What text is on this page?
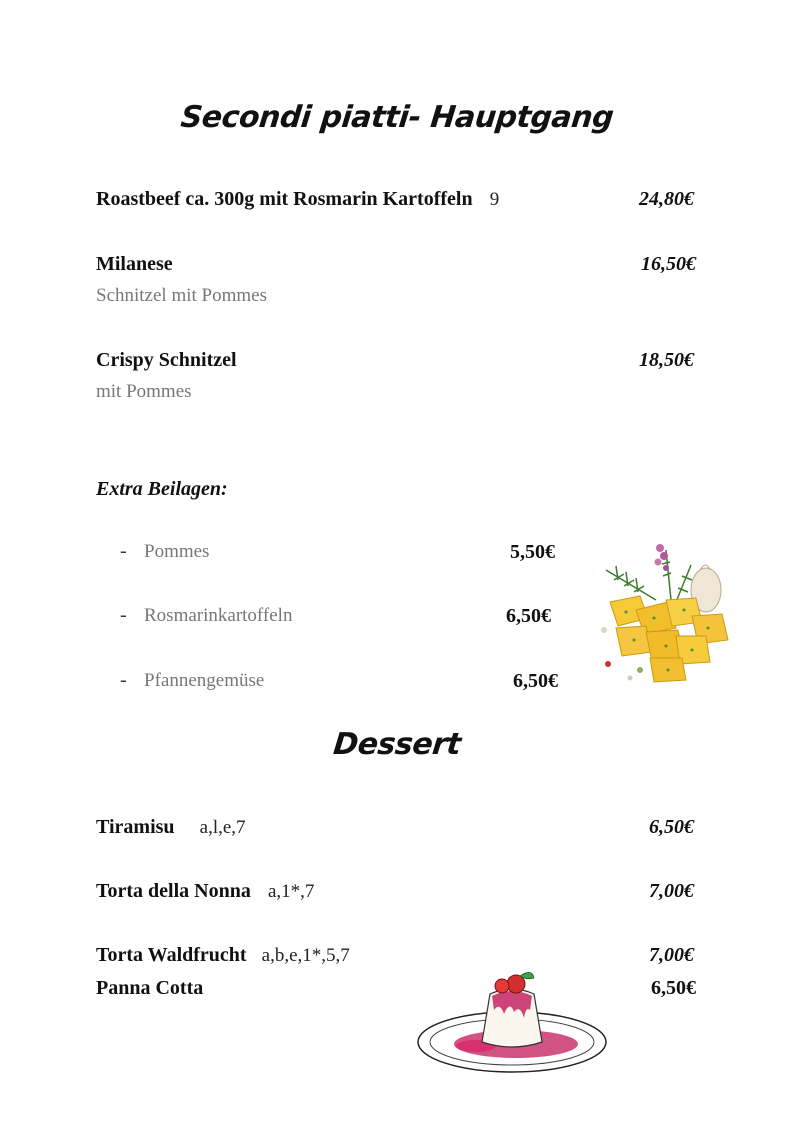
Secondi piatti- Hauptgang
Roastbeef ca. 300g mit Rosmarin Kartoffeln 9	24,80€
Milanese	16,50€
Schnitzel mit Pommes
Crispy Schnitzel	18,50€
mit Pommes
Extra Beilagen:
- Pommes	5,50€
- Rosmarinkartoffeln	6,50€
- Pfannengemüse	6,50€
Dessert
Tiramisu a,l,e,7	6,50€
Torta della Nonna a,1*,7	7,00€
Torta Waldfrucht a,b,e,1*,5,7	7,00€
Panna Cotta	6,50€
